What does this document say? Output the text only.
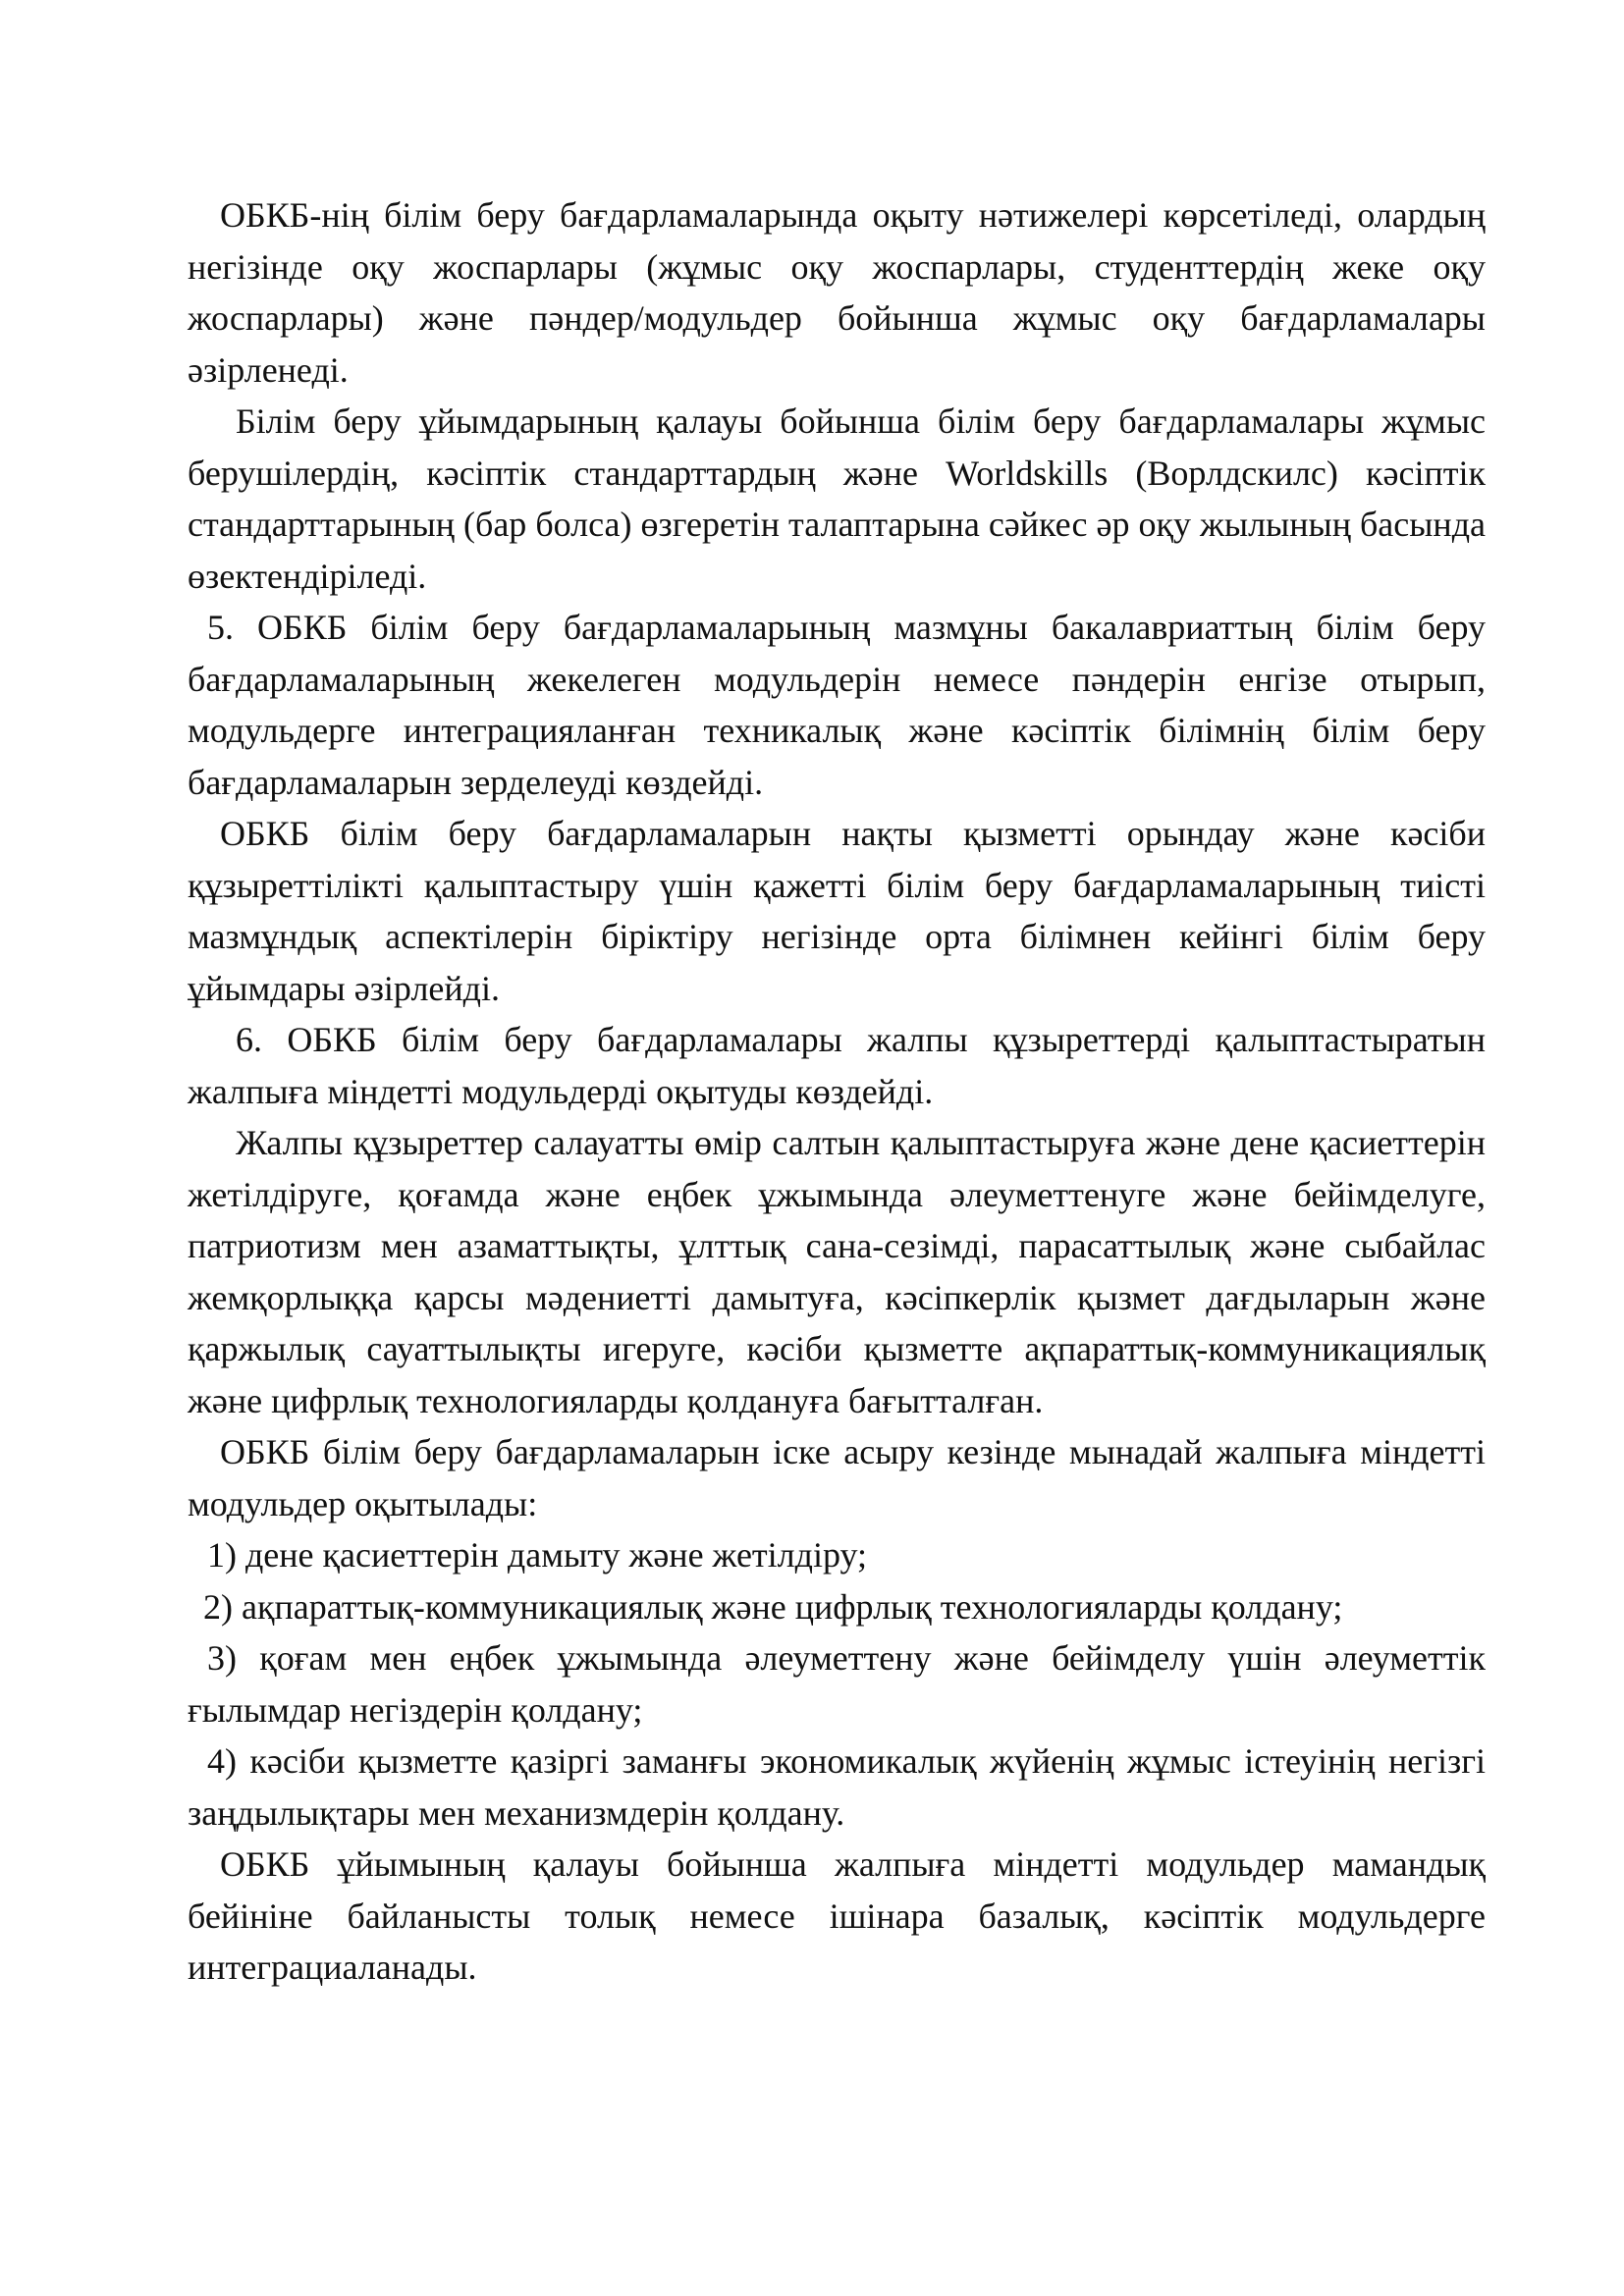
ОБКБ-нің білім беру бағдарламаларында оқыту нәтижелері көрсетіледі, олардың негізінде оқу жоспарлары (жұмыс оқу жоспарлары, студенттердің жеке оқу жоспарлары) және пәндер/модульдер бойынша жұмыс оқу бағдарламалары әзірленеді.

Білім беру ұйымдарының қалауы бойынша білім беру бағдарламалары жұмыс берушілердің, кәсіптік стандарттардың және Worldskills (Ворлдскилс) кәсіптік стандарттарының (бар болса) өзгеретін талаптарына сәйкес әр оқу жылының басында өзектендіріледі.

5. ОБКБ білім беру бағдарламаларының мазмұны бакалавриаттың білім беру бағдарламаларының жекелеген модульдерін немесе пәндерін енгізе отырып, модульдерге интеграцияланған техникалық және кәсіптік білімнің білім беру бағдарламаларын зерделеуді көздейді.

ОБКБ білім беру бағдарламаларын нақты қызметті орындау және кәсіби құзыреттілікті қалыптастыру үшін қажетті білім беру бағдарламаларының тиісті мазмұндық аспектілерін біріктіру негізінде орта білімнен кейінгі білім беру ұйымдары әзірлейді.

6. ОБКБ білім беру бағдарламалары жалпы құзыреттерді қалыптастыратын жалпыға міндетті модульдерді оқытуды көздейді.

Жалпы құзыреттер салауатты өмір салтын қалыптастыруға және дене қасиеттерін жетілдіруге, қоғамда және еңбек ұжымында әлеуметтенуге және бейімделуге, патриотизм мен азаматтықты, ұлттық сана-сезімді, парасаттылық және сыбайлас жемқорлыққа қарсы мәдениетті дамытуға, кәсіпкерлік қызмет дағдыларын және қаржылық сауаттылықты игеруге, кәсіби қызметте ақпараттық-коммуникациялық және цифрлық технологияларды қолдануға бағытталған.

ОБКБ білім беру бағдарламаларын іске асыру кезінде мынадай жалпыға міндетті модульдер оқытылады:

1) дене қасиеттерін дамыту және жетілдіру;

2) ақпараттық-коммуникациялық және цифрлық технологияларды қолдану;

3) қоғам мен еңбек ұжымында әлеуметтену және бейімделу үшін әлеуметтік ғылымдар негіздерін қолдану;

4) кәсіби қызметте қазіргі заманғы экономикалық жүйенің жұмыс істеуінің негізгі заңдылықтары мен механизмдерін қолдану.

ОБКБ ұйымының қалауы бойынша жалпыға міндетті модульдер мамандық бейініне байланысты толық немесе ішінара базалық, кәсіптік модульдерге интеграциаланады.
